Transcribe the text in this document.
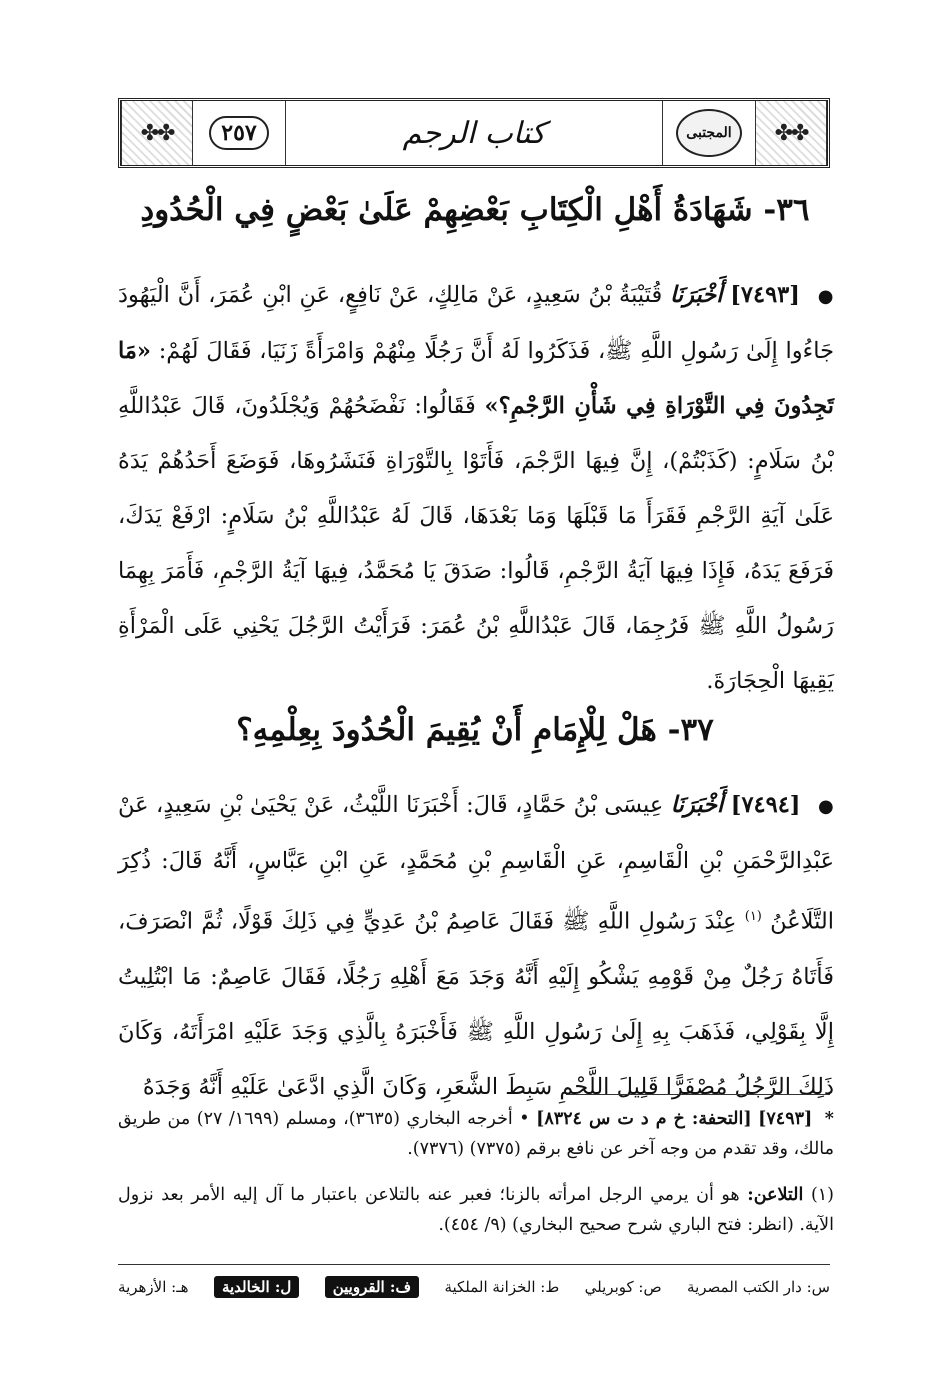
✤✤	٢٥٧	كتاب الرجم	المجتبى	✤✤
٣٦- شَهَادَةُ أَهْلِ الْكِتَابِ بَعْضِهِمْ عَلَىٰ بَعْضٍ فِي الْحُدُودِ
● [٧٤٩٣] أَخْبَرَنَا قُتَيْبَةُ بْنُ سَعِيدٍ، عَنْ مَالِكٍ، عَنْ نَافِعٍ، عَنِ ابْنِ عُمَرَ، أَنَّ الْيَهُودَ جَاءُوا إِلَىٰ رَسُولِ اللَّهِ ﷺ، فَذَكَرُوا لَهُ أَنَّ رَجُلًا مِنْهُمْ وَامْرَأَةً زَنَيَا، فَقَالَ لَهُمْ: «مَا تَجِدُونَ فِي التَّوْرَاةِ فِي شَأْنِ الرَّجْمِ؟» فَقَالُوا: نَفْضَحُهُمْ وَيُجْلَدُونَ، قَالَ عَبْدُاللَّهِ بْنُ سَلَامٍ: (كَذَبْتُمْ)، إِنَّ فِيهَا الرَّجْمَ، فَأَتَوْا بِالتَّوْرَاةِ فَنَشَرُوهَا، فَوَضَعَ أَحَدُهُمْ يَدَهُ عَلَىٰ آيَةِ الرَّجْمِ فَقَرَأَ مَا قَبْلَهَا وَمَا بَعْدَهَا، قَالَ لَهُ عَبْدُاللَّهِ بْنُ سَلَامٍ: ارْفَعْ يَدَكَ، فَرَفَعَ يَدَهُ، فَإِذَا فِيهَا آيَةُ الرَّجْمِ، قَالُوا: صَدَقَ يَا مُحَمَّدُ، فِيهَا آيَةُ الرَّجْمِ، فَأَمَرَ بِهِمَا رَسُولُ اللَّهِ ﷺ فَرُجِمَا، قَالَ عَبْدُاللَّهِ بْنُ عُمَرَ: فَرَأَيْتُ الرَّجُلَ يَحْنِي عَلَى الْمَرْأَةِ يَقِيهَا الْحِجَارَةَ.
٣٧- هَلْ لِلْإِمَامِ أَنْ يُقِيمَ الْحُدُودَ بِعِلْمِهِ؟
● [٧٤٩٤] أَخْبَرَنَا عِيسَى بْنُ حَمَّادٍ، قَالَ: أَخْبَرَنَا اللَّيْثُ، عَنْ يَحْيَىٰ بْنِ سَعِيدٍ، عَنْ عَبْدِالرَّحْمَنِ بْنِ الْقَاسِمِ، عَنِ الْقَاسِمِ بْنِ مُحَمَّدٍ، عَنِ ابْنِ عَبَّاسٍ، أَنَّهُ قَالَ: ذُكِرَ التَّلَاعُنُ $^{(١)}$ عِنْدَ رَسُولِ اللَّهِ ﷺ فَقَالَ عَاصِمُ بْنُ عَدِيٍّ فِي ذَلِكَ قَوْلًا، ثُمَّ انْصَرَفَ، فَأَتَاهُ رَجُلٌ مِنْ قَوْمِهِ يَشْكُو إِلَيْهِ أَنَّهُ وَجَدَ مَعَ أَهْلِهِ رَجُلًا، فَقَالَ عَاصِمٌ: مَا ابْتُلِيتُ إِلَّا بِقَوْلِي، فَذَهَبَ بِهِ إِلَىٰ رَسُولِ اللَّهِ ﷺ فَأَخْبَرَهُ بِالَّذِي وَجَدَ عَلَيْهِ امْرَأَتَهُ، وَكَانَ ذَلِكَ الرَّجُلُ مُصْفَرًّا قَلِيلَ اللَّحْمِ سَبِطَ الشَّعَرِ، وَكَانَ الَّذِي ادَّعَىٰ عَلَيْهِ أَنَّهُ وَجَدَهُ
* [٧٤٩٣] [التحفة: خ م د ت س ٨٣٢٤] • أخرجه البخاري (٣٦٣٥)، ومسلم (١٦٩٩/ ٢٧) من طريق مالك، وقد تقدم من وجه آخر عن نافع برقم (٧٣٧٥) (٧٣٧٦).
(١) التلاعن: هو أن يرمي الرجل امرأته بالزنا؛ فعبر عنه بالتلاعن باعتبار ما آل إليه الأمر بعد نزول الآية. (انظر: فتح الباري شرح صحيح البخاري) (٩/ ٤٥٤).
س: دار الكتب المصرية
ص: كوبريلي
ط: الخزانة الملكية
ف: القرويين
ل: الخالدية
هـ: الأزهرية
